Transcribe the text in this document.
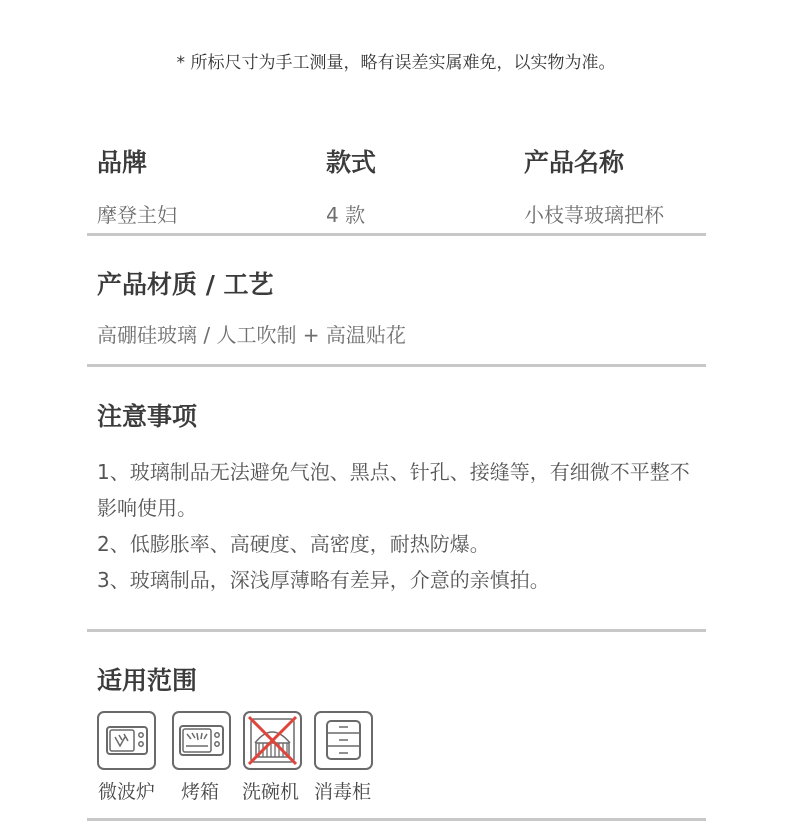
* 所标尺寸为手工测量，略有误差实属难免，以实物为准。
品牌	款式	产品名称
摩登主妇	4 款	小枝荨玻璃把杯
产品材质 / 工艺
高硼硅玻璃 / 人工吹制 + 高温贴花
注意事项

1、玻璃制品无法避免气泡、黑点、针孔、接缝等，有细微不平整不影响使用。

2、低膨胀率、高硬度、高密度，耐热防爆。

3、玻璃制品，深浅厚薄略有差异，介意的亲慎拍。

适用范围
微波炉 烤箱 洗碗机 消毒柜
